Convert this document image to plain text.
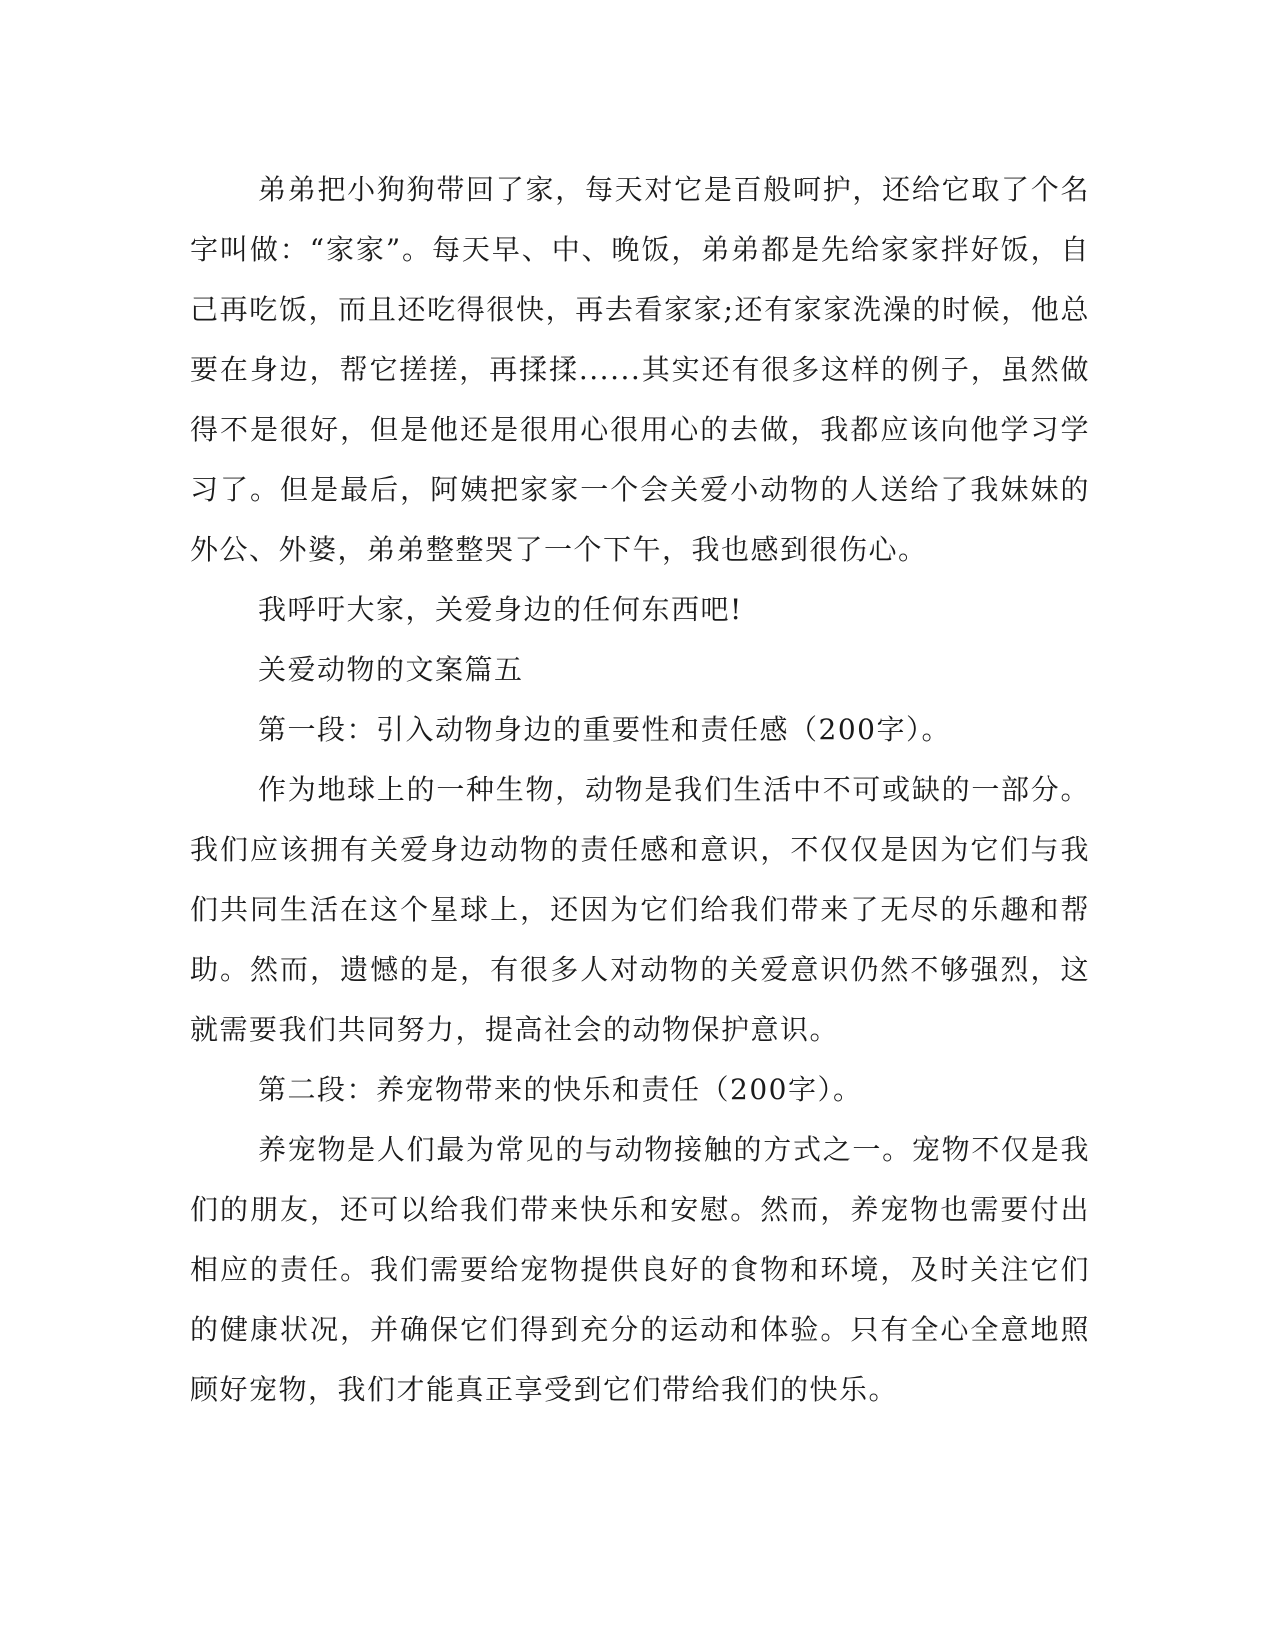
弟弟把小狗狗带回了家，每天对它是百般呵护，还给它取了个名字叫做：“家家”。每天早、中、晚饭，弟弟都是先给家家拌好饭，自己再吃饭，而且还吃得很快，再去看家家;还有家家洗澡的时候，他总要在身边，帮它搓搓，再揉揉......其实还有很多这样的例子，虽然做得不是很好，但是他还是很用心很用心的去做，我都应该向他学习学习了。但是最后，阿姨把家家一个会关爱小动物的人送给了我妹妹的外公、外婆，弟弟整整哭了一个下午，我也感到很伤心。

我呼吁大家，关爱身边的任何东西吧!

关爱动物的文案篇五

第一段：引入动物身边的重要性和责任感（200字）。

作为地球上的一种生物，动物是我们生活中不可或缺的一部分。我们应该拥有关爱身边动物的责任感和意识，不仅仅是因为它们与我们共同生活在这个星球上，还因为它们给我们带来了无尽的乐趣和帮助。然而，遗憾的是，有很多人对动物的关爱意识仍然不够强烈，这就需要我们共同努力，提高社会的动物保护意识。

第二段：养宠物带来的快乐和责任（200字）。

养宠物是人们最为常见的与动物接触的方式之一。宠物不仅是我们的朋友，还可以给我们带来快乐和安慰。然而，养宠物也需要付出相应的责任。我们需要给宠物提供良好的食物和环境，及时关注它们的健康状况，并确保它们得到充分的运动和体验。只有全心全意地照顾好宠物，我们才能真正享受到它们带给我们的快乐。
